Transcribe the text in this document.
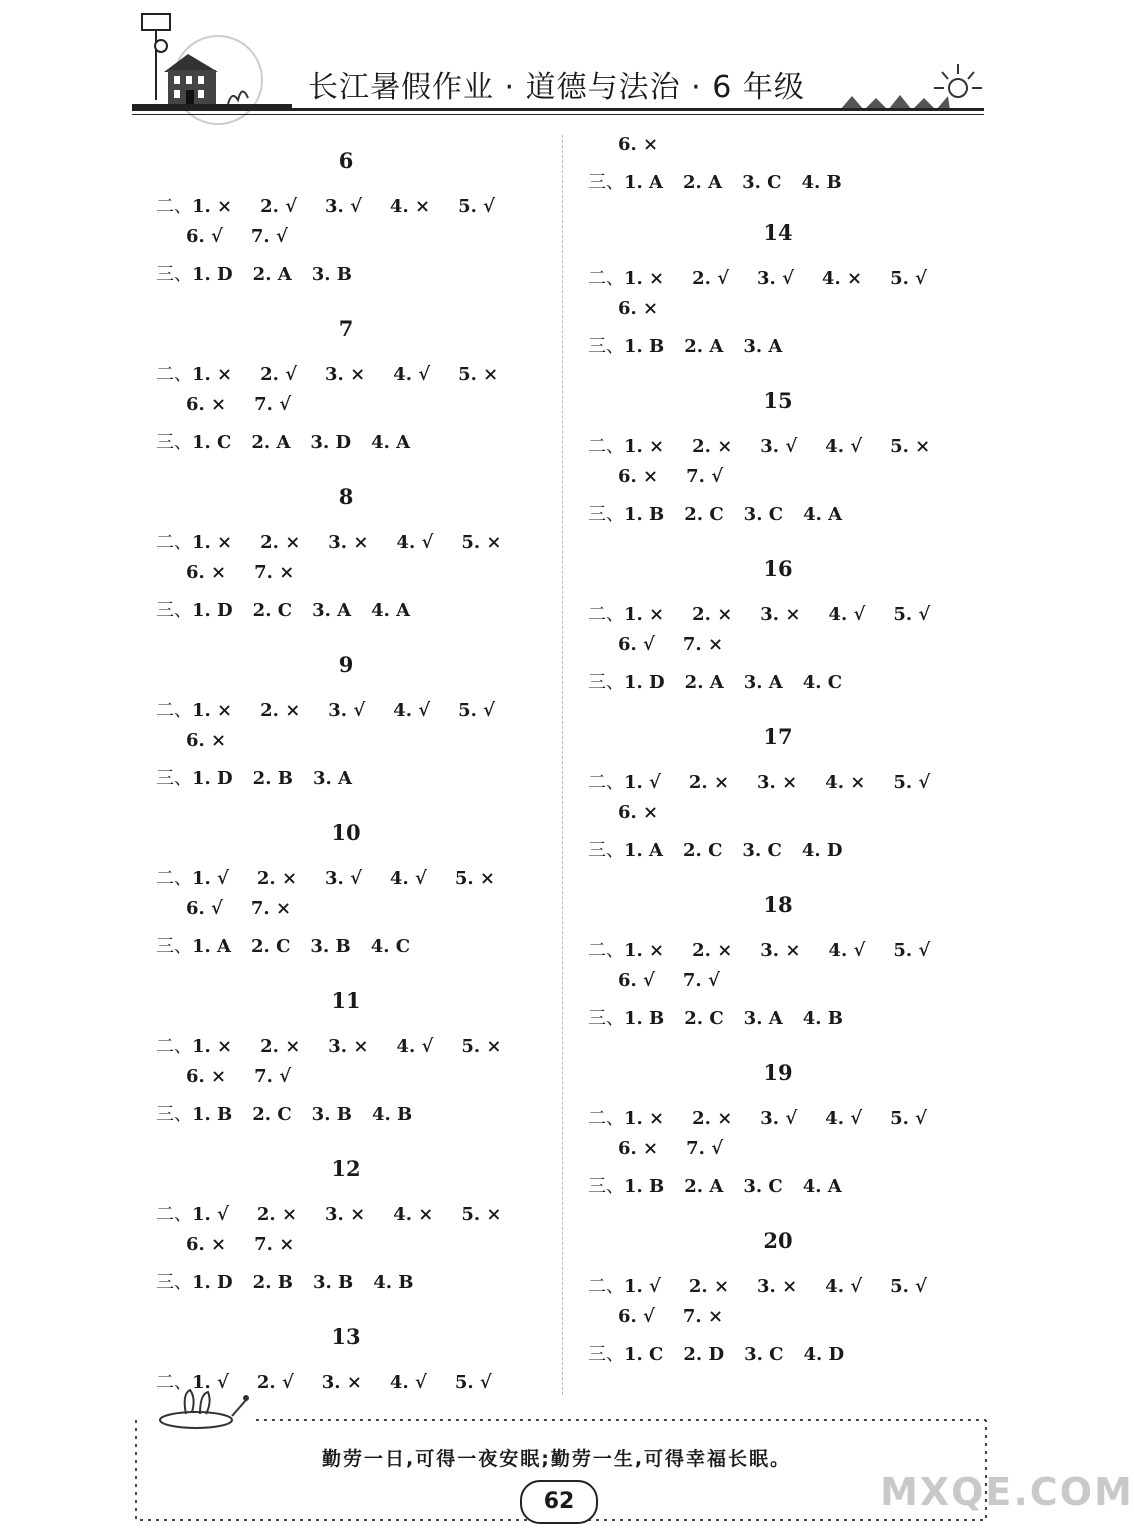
长江暑假作业 · 道德与法治 · 6 年级
6
二、1. × 2. √ 3. √ 4. × 5. √
6. √ 7. √
三、1. D 2. A 3. B
7
二、1. × 2. √ 3. × 4. √ 5. ×
6. × 7. √
三、1. C 2. A 3. D 4. A
8
二、1. × 2. × 3. × 4. √ 5. ×
6. × 7. ×
三、1. D 2. C 3. A 4. A
9
二、1. × 2. × 3. √ 4. √ 5. √
6. ×
三、1. D 2. B 3. A
10
二、1. √ 2. × 3. √ 4. √ 5. ×
6. √ 7. ×
三、1. A 2. C 3. B 4. C
11
二、1. × 2. × 3. × 4. √ 5. ×
6. × 7. √
三、1. B 2. C 3. B 4. B
12
二、1. √ 2. × 3. × 4. × 5. ×
6. × 7. ×
三、1. D 2. B 3. B 4. B
13
二、1. √ 2. √ 3. × 4. √ 5. √
6. ×
三、1. A 2. A 3. C 4. B
14
二、1. × 2. √ 3. √ 4. × 5. √
6. ×
三、1. B 2. A 3. A
15
二、1. × 2. × 3. √ 4. √ 5. ×
6. × 7. √
三、1. B 2. C 3. C 4. A
16
二、1. × 2. × 3. × 4. √ 5. √
6. √ 7. ×
三、1. D 2. A 3. A 4. C
17
二、1. √ 2. × 3. × 4. × 5. √
6. ×
三、1. A 2. C 3. C 4. D
18
二、1. × 2. × 3. × 4. √ 5. √
6. √ 7. √
三、1. B 2. C 3. A 4. B
19
二、1. × 2. × 3. √ 4. √ 5. √
6. × 7. √
三、1. B 2. A 3. C 4. A
20
二、1. √ 2. × 3. × 4. √ 5. √
6. √ 7. ×
三、1. C 2. D 3. C 4. D
勤劳一日,可得一夜安眠;勤劳一生,可得幸福长眠。
62	MXQE.COM
